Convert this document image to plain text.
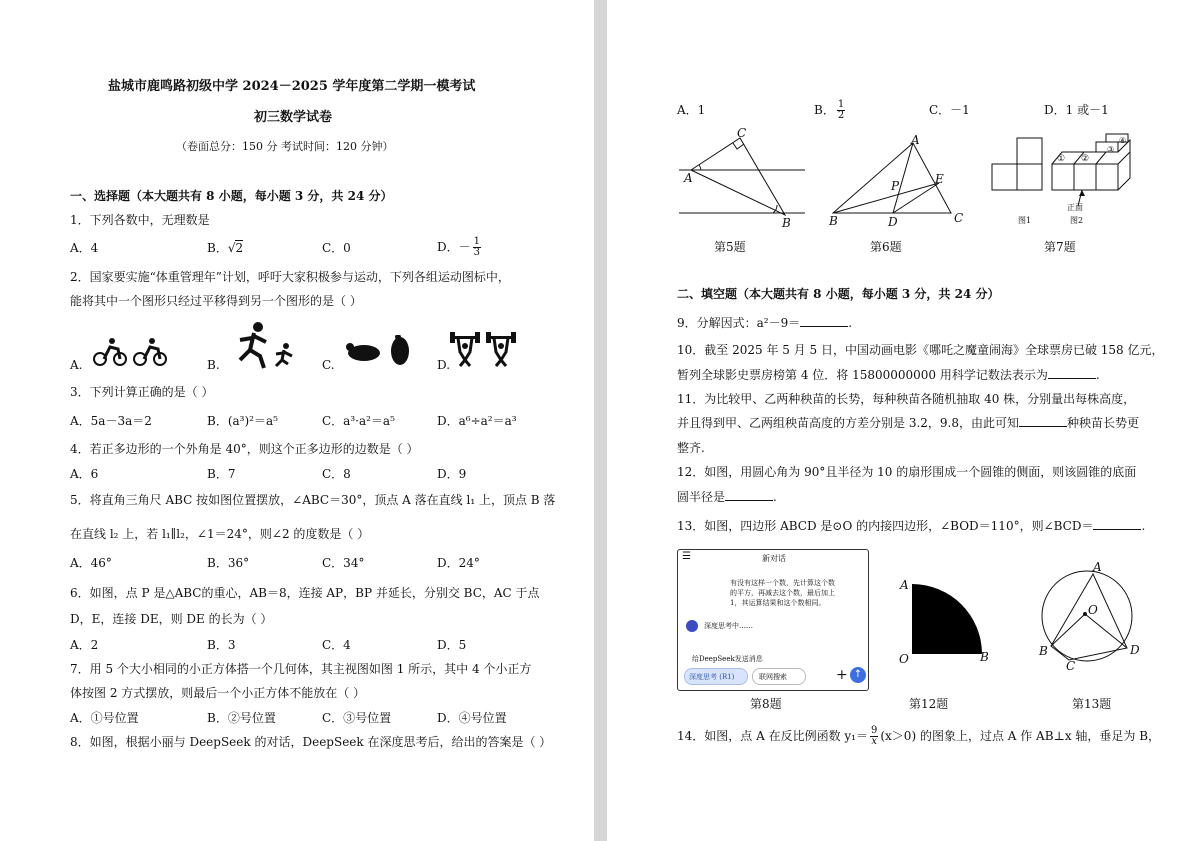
盐城市鹿鸣路初级中学 2024－2025 学年度第二学期一模考试
初三数学试卷
（卷面总分：150 分 考试时间：120 分钟）
一、选择题（本大题共有 8 小题，每小题 3 分，共 24 分）
1．下列各数中，无理数是
A．4	B．√2	C．0	D．－ $\frac{1}{3}$
2．国家要实施“体重管理年”计划，呼吁大家积极参与运动，下列各组运动图标中，
能将其中一个图形只经过平移得到另一个图形的是（ ）
A.	B.	C.	D.
3．下列计算正确的是（ ）
A．5a－3a＝2	B．(a³)²＝a⁵	C．a³·a²＝a⁵	D．a⁶÷a²＝a³
4．若正多边形的一个外角是 40°，则这个正多边形的边数是（ ）
A．6	B．7	C．8	D．9
5．将直角三角尺 ABC 按如图位置摆放，∠ABC＝30°，顶点 A 落在直线 l₁ 上，顶点 B 落
在直线 l₂ 上，若 l₁∥l₂，∠1＝24°，则∠2 的度数是（ ）
A．46°	B．36°	C．34°	D．24°
6．如图，点 P 是△ABC的重心，AB＝8，连接 AP，BP 并延长，分别交 BC，AC 于点
D，E，连接 DE，则 DE 的长为（ ）
A．2	B．3	C．4	D．5
7．用 5 个大小相同的小正方体搭一个几何体，其主视图如图 1 所示，其中 4 个小正方
体按图 2 方式摆放，则最后一个小正方体不能放在（ ）
A．①号位置	B．②号位置	C．③号位置	D．④号位置
8．如图，根据小丽与 DeepSeek 的对话，DeepSeek 在深度思考后，给出的答案是（ ）
A．1	B． $\frac{1}{2}$	C．－1	D．1 或－1
C
A
B
A
P	E
B	D	C
④
③
① ②
正面
图1	图2
第5题	第6题	第7题
二、填空题（本大题共有 8 小题，每小题 3 分，共 24 分）
9．分解因式：a²－9＝	.
10．截至 2025 年 5 月 5 日，中国动画电影《哪吒之魔童闹海》全球票房已破 158 亿元，
暂列全球影史票房榜第 4 位．将 15800000000 用科学记数法表示为	.
11．为比较甲、乙两种秧苗的长势，每种秧苗各随机抽取 40 株，分别量出每株高度，
并且得到甲、乙两组秧苗高度的方差分别是 3.2，9.8，由此可知	种秧苗长势更
整齐.
12．如图，用圆心角为 90°且半径为 10 的扇形围成一个圆锥的侧面，则该圆锥的底面
圆半径是	.
13．如图，四边形 ABCD 是⊙O 的内接四边形，∠BOD＝110°，则∠BCD＝	.
☰	新对话
有没有这样一个数，先计算这个数
的平方，再减去这个数，最后加上
1，其运算结果和这个数相同。
深度思考中……
给DeepSeek发送消息
深度思考 (R1)	联网搜索	+ ↑
A
O	B
A
O
B
C
D
第8题	第12题	第13题
14．如图，点 A 在反比例函数 $y_1= \frac{9}{x} (x>0)$ 的图象上，过点 A 作 AB⊥x 轴，垂足为 B，
